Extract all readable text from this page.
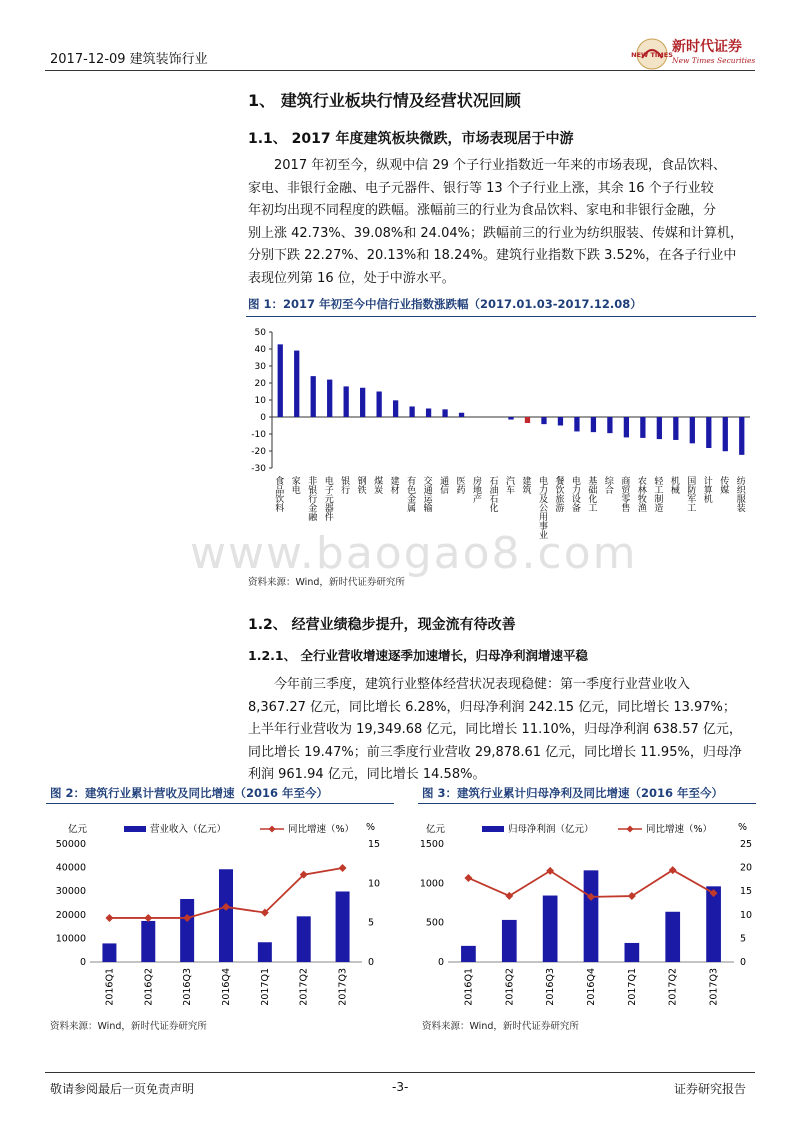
2017-12-09 建筑装饰行业	NEW TIMES 新时代证券
New Times Securities
1、 建筑行业板块行情及经营状况回顾
1.1、 2017 年度建筑板块微跌，市场表现居于中游
2017 年初至今，纵观中信 29 个子行业指数近一年来的市场表现，食品饮料、
家电、非银行金融、电子元器件、银行等 13 个子行业上涨，其余 16 个子行业较
年初均出现不同程度的跌幅。涨幅前三的行业为食品饮料、家电和非银行金融，分
别上涨 42.73%、39.08%和 24.04%；跌幅前三的行业为纺织服装、传媒和计算机，
分别下跌 22.27%、20.13%和 18.24%。建筑行业指数下跌 3.52%，在各子行业中
表现位列第 16 位，处于中游水平。
图 1：2017 年初至今中信行业指数涨跌幅（2017.01.03-2017.12.08）
50
40
30
20
10
0
-10
-20
-30
食品饮料 家电 非银行金融 电子元器件 银行 钢铁 煤炭 建材 有色金属 交通运输 通信 医药 房地产 石油石化 汽车 建筑 电力及公用事业 餐饮旅游 电力设备 基础化工 综合 商贸零售 农林牧渔 轻工制造 机械 国防军工 计算机 传媒 纺织服装
资料来源：Wind，新时代证券研究所
www.baogao8.com
1.2、 经营业绩稳步提升，现金流有待改善
1.2.1、 全行业营收增速逐季加速增长，归母净利润增速平稳
今年前三季度，建筑行业整体经营状况表现稳健：第一季度行业营业收入
8,367.27 亿元，同比增长 6.28%，归母净利润 242.15 亿元，同比增长 13.97%；
上半年行业营收为 19,349.68 亿元，同比增长 11.10%，归母净利润 638.57 亿元，
同比增长 19.47%；前三季度行业营收 29,878.61 亿元，同比增长 11.95%，归母净
利润 961.94 亿元，同比增长 14.58%。
图 2：建筑行业累计营收及同比增速（2016 年至今）
亿元	%
营业收入（亿元）	同比增速（%）
0
10000
20000
30000
40000
50000
0
5
10
15
2016Q1	2016Q2	2016Q3	2016Q4	2017Q1	2017Q2	2017Q3
资料来源：Wind，新时代证券研究所
图 3：建筑行业累计归母净利及同比增速（2016 年至今）
亿元	%
归母净利润（亿元）	同比增速（%）
0
500
1000
1500
0
5
10
15
20
25
2016Q1	2016Q2	2016Q3	2016Q4	2017Q1	2017Q2	2017Q3
资料来源：Wind，新时代证券研究所
敬请参阅最后一页免责声明	-3-	证券研究报告
